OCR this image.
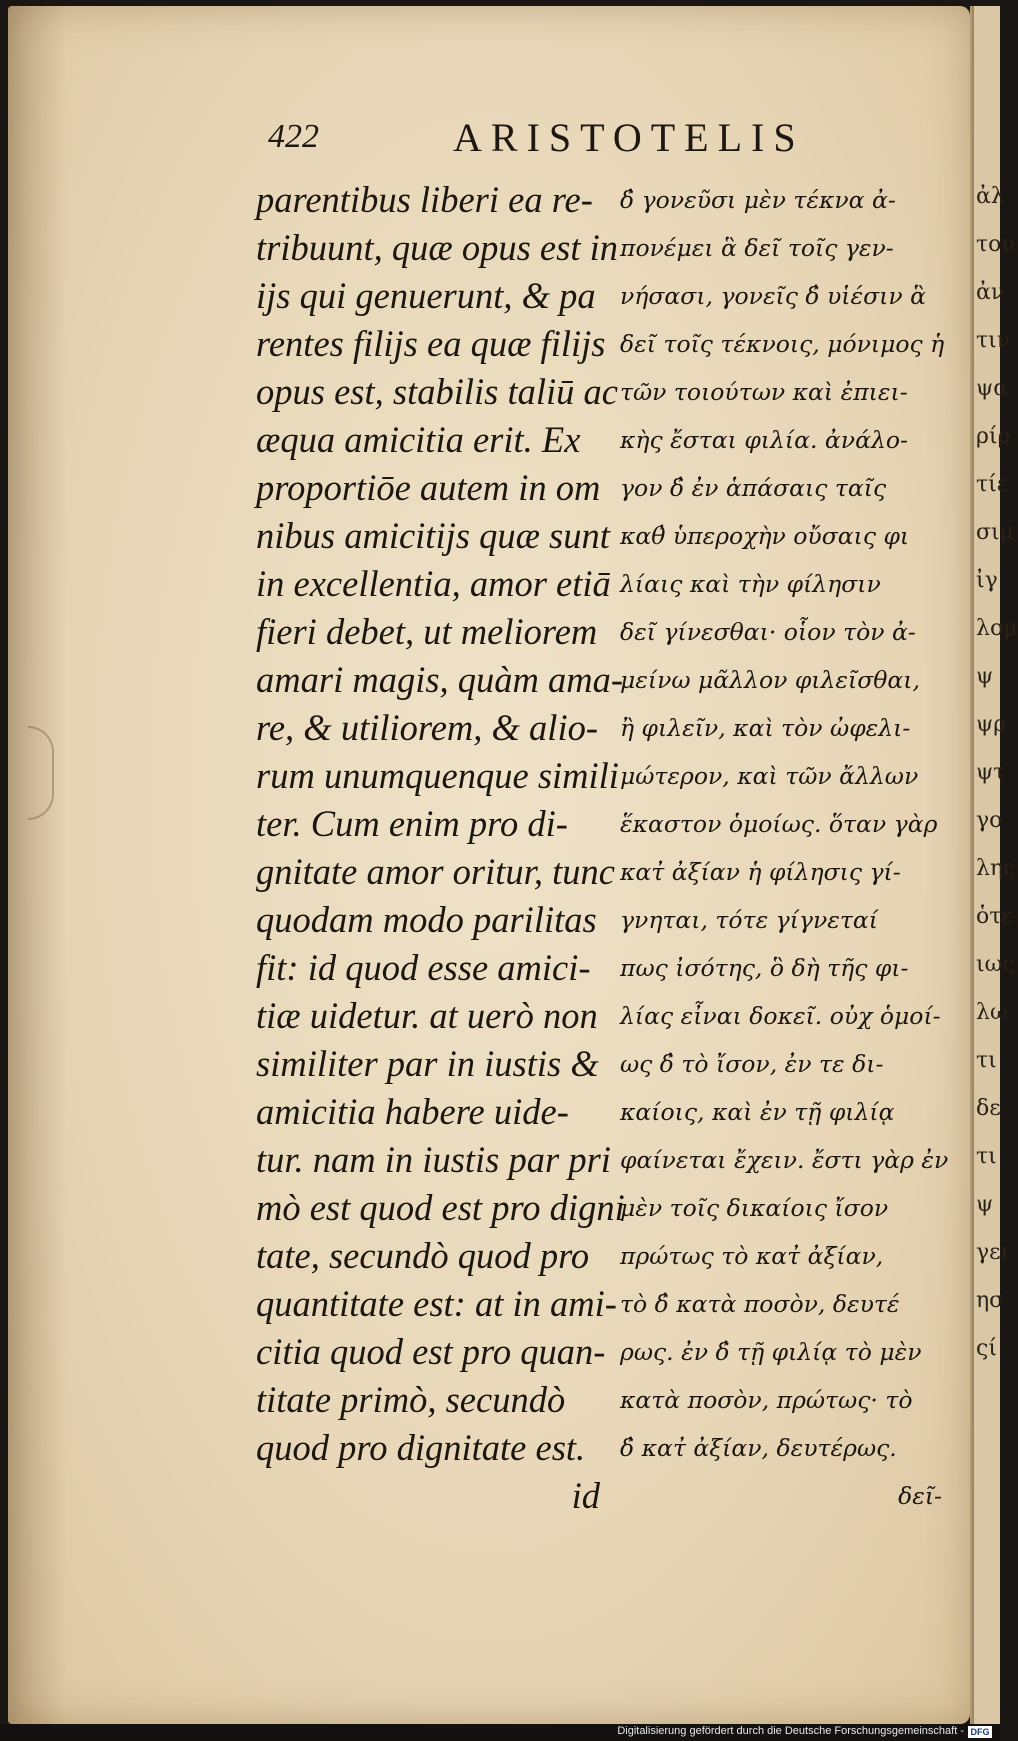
422	ARISTOTELIS
parentibus liberi ea re-
tribuunt, quæ opus est in
ijs qui genuerunt, & pa
rentes filijs ea quæ filijs
opus est, stabilis taliū ac
æqua amicitia erit. Ex
proportiōe autem in om
nibus amicitijs quæ sunt
in excellentia, amor etiā
fieri debet, ut meliorem
amari magis, quàm ama-
re, & utiliorem, & alio-
rum unumquenque simili
ter. Cum enim pro di-
gnitate amor oritur, tunc
quodam modo parilitas
fit: id quod esse amici-
tiæ uidetur. at uerò non
similiter par in iustis &
amicitia habere uide-
tur. nam in iustis par pri
mò est quod est pro digni
tate, secundò quod pro
quantitate est: at in ami-
citia quod est pro quan-
titate primò, secundò
quod pro dignitate est.
id
δ̓ γονεῦσι μὲν τέκνα ἀ-
πονέμει ἃ δεῖ τοῖς γεν-
νήσασι, γονεῖς δ̓ υἱέσιν ἃ
δεῖ τοῖς τέκνοις, μόνιμος ἡ
τῶν τοιούτων καὶ ἐπιει-
κὴς ἔσται φιλία. ἀνάλο-
γον δ̓ ἐν ἁπάσαις ταῖς
καθ̓ ὑπεροχὴν οὔσαις φι
λίαις καὶ τὴν φίλησιν
δεῖ γίνεσθαι· οἷον τὸν ἀ-
μείνω μᾶλλον φιλεῖσθαι,
ἢ φιλεῖν, καὶ τὸν ὠφελι-
μώτερον, καὶ τῶν ἄλλων
ἕκαστον ὁμοίως. ὅταν γὰρ
κατ̓ ἀξίαν ἡ φίλησις γί-
γνηται, τότε γίγνεταί
πως ἰσότης, ὃ δὴ τῆς φι-
λίας εἶναι δοκεῖ. οὐχ ὁμοί-
ως δ̓ τὸ ἴσον, ἐν τε δι-
καίοις, καὶ ἐν τῇ φιλίᾳ
φαίνεται ἔχειν. ἔστι γὰρ ἐν
μὲν τοῖς δικαίοις ἴσον
πρώτως τὸ κατ̓ ἀξίαν,
τὸ δ̓ κατὰ ποσὸν, δευτέ
ρως. ἐν δ̓ τῇ φιλίᾳ τὸ μὲν
κατὰ ποσὸν, πρώτως· τὸ
δ̓ κατ̓ ἀξίαν, δευτέρως.
δεῖ-
ἀλ
του
ἀν
τιν
ψα
ρίρ
τίε
σιμ
ἰγ
λομ
ψ
ψρ
ψτ
γο
λης
ὁτε
ιως
λω
τι
δε
τι
ψ
γει
ησ
ςί
Digitalisierung gefördert durch die Deutsche Forschungsgemeinschaft - DFG
